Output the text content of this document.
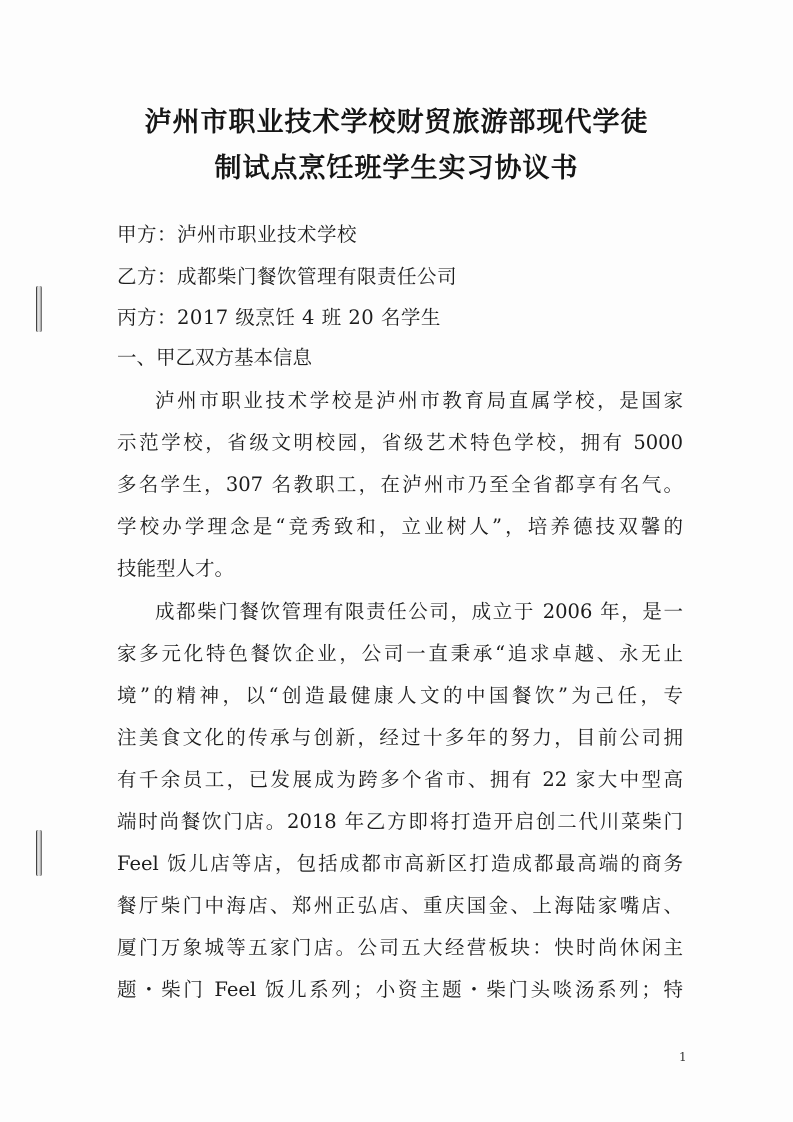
泸州市职业技术学校财贸旅游部现代学徒
制试点烹饪班学生实习协议书
甲方：泸州市职业技术学校
乙方：成都柴门餐饮管理有限责任公司
丙方：2017 级烹饪 4 班 20 名学生
一、甲乙双方基本信息
泸州市职业技术学校是泸州市教育局直属学校，是国家
示范学校，省级文明校园，省级艺术特色学校，拥有 5000
多名学生，307 名教职工，在泸州市乃至全省都享有名气。
学校办学理念是“竞秀致和，立业树人”，培养德技双馨的
技能型人才。
成都柴门餐饮管理有限责任公司，成立于 2006 年，是一
家多元化特色餐饮企业，公司一直秉承“追求卓越、永无止
境”的精神，以“创造最健康人文的中国餐饮”为己任，专
注美食文化的传承与创新，经过十多年的努力，目前公司拥
有千余员工，已发展成为跨多个省市、拥有 22 家大中型高
端时尚餐饮门店。2018 年乙方即将打造开启创二代川菜柴门
Feel 饭儿店等店，包括成都市高新区打造成都最高端的商务
餐厅柴门中海店、郑州正弘店、重庆国金、上海陆家嘴店、
厦门万象城等五家门店。公司五大经营板块：快时尚休闲主
题・柴门 Feel 饭儿系列；小资主题・柴门头啖汤系列；特
1
